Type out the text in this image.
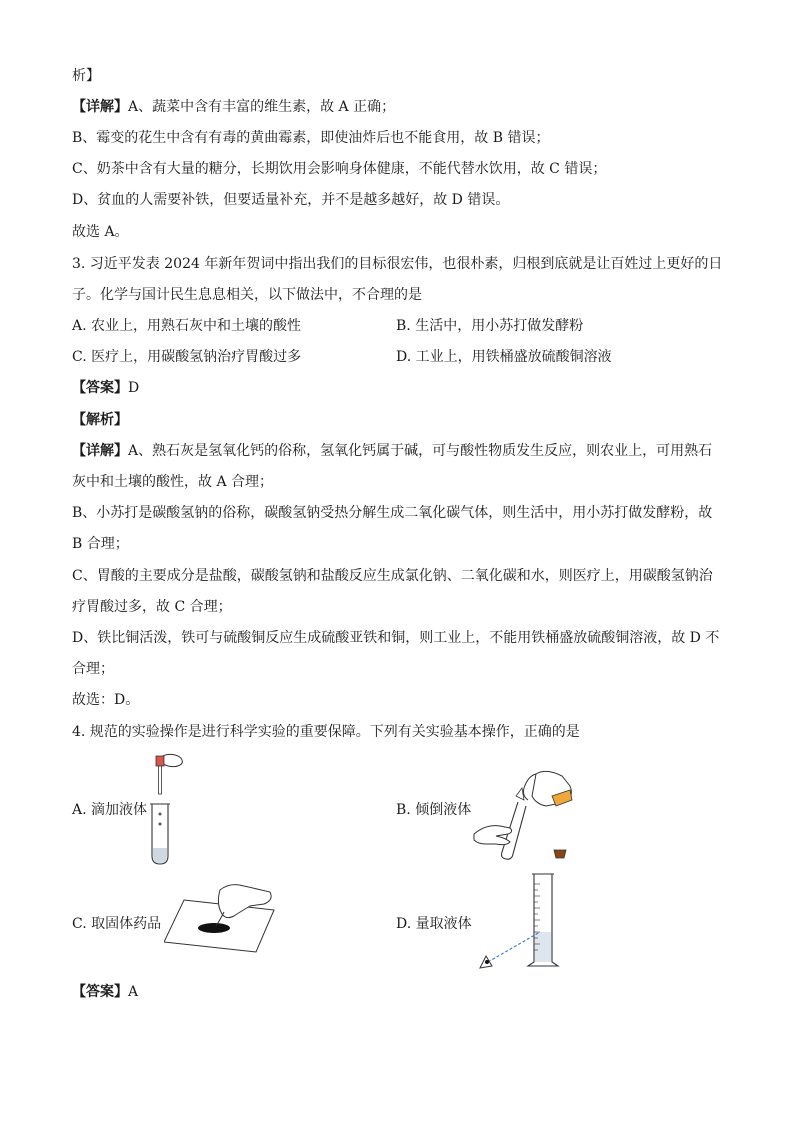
析】
【详解】A、蔬菜中含有丰富的维生素，故 A 正确；
B、霉变的花生中含有有毒的黄曲霉素，即使油炸后也不能食用，故 B 错误；
C、奶茶中含有大量的糖分，长期饮用会影响身体健康，不能代替水饮用，故 C 错误；
D、贫血的人需要补铁，但要适量补充，并不是越多越好，故 D 错误。
故选 A。
3. 习近平发表 2024 年新年贺词中指出我们的目标很宏伟，也很朴素，归根到底就是让百姓过上更好的日
子。化学与国计民生息息相关，以下做法中，不合理的是
A. 农业上，用熟石灰中和土壤的酸性	B. 生活中，用小苏打做发酵粉
C. 医疗上，用碳酸氢钠治疗胃酸过多	D. 工业上，用铁桶盛放硫酸铜溶液
【答案】D
【解析】
【详解】A、熟石灰是氢氧化钙的俗称，氢氧化钙属于碱，可与酸性物质发生反应，则农业上，可用熟石
灰中和土壤的酸性，故 A 合理；
B、小苏打是碳酸氢钠的俗称，碳酸氢钠受热分解生成二氧化碳气体，则生活中，用小苏打做发酵粉，故
B 合理；
C、胃酸的主要成分是盐酸，碳酸氢钠和盐酸反应生成氯化钠、二氧化碳和水，则医疗上，用碳酸氢钠治
疗胃酸过多，故 C 合理；
D、铁比铜活泼，铁可与硫酸铜反应生成硫酸亚铁和铜，则工业上，不能用铁桶盛放硫酸铜溶液，故 D 不
合理；
故选：D。
4. 规范的实验操作是进行科学实验的重要保障。下列有关实验基本操作，正确的是
A. 滴加液体	B. 倾倒液体
C. 取固体药品	D. 量取液体
【答案】A
